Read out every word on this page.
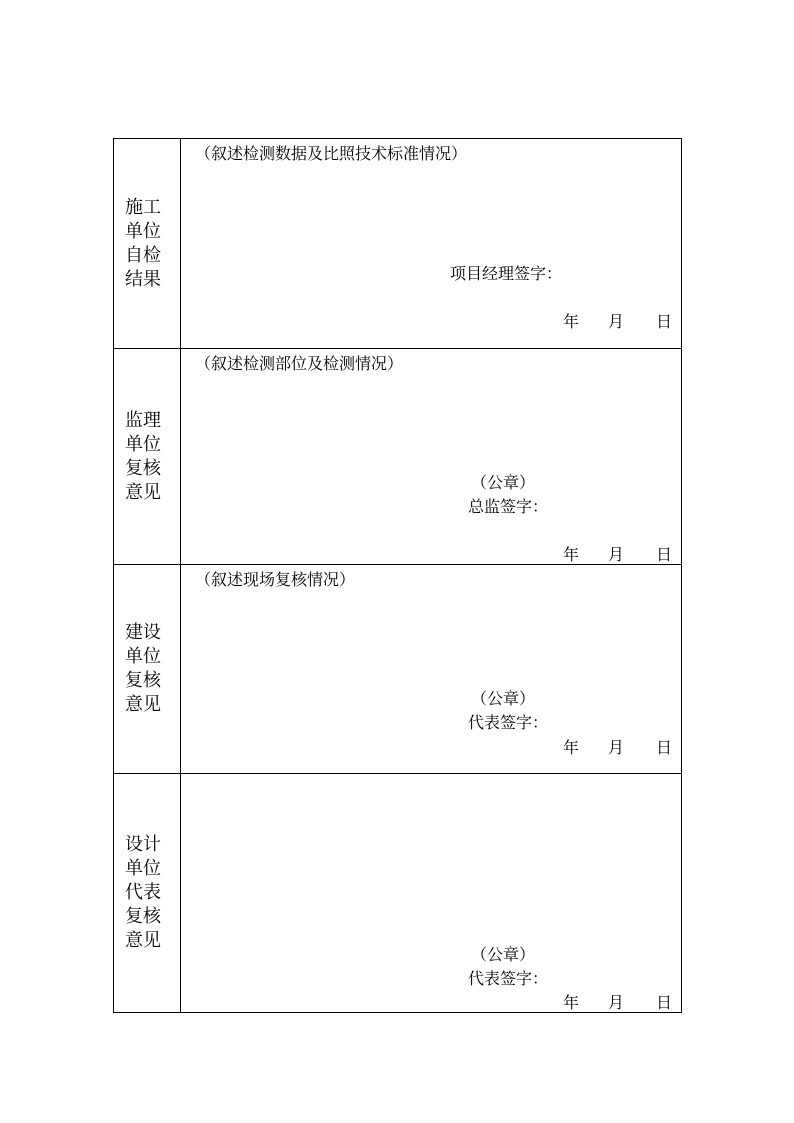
施工单位自检结果
（叙述检测数据及比照技术标准情况）
项目经理签字：
年 月 日
监理单位复核意见
（叙述检测部位及检测情况）
（公章）
总监签字：
年 月 日
建设单位复核意见
（叙述现场复核情况）
（公章）
代表签字：
年 月 日
设计单位代表复核意见
（公章）
代表签字：
年 月 日
